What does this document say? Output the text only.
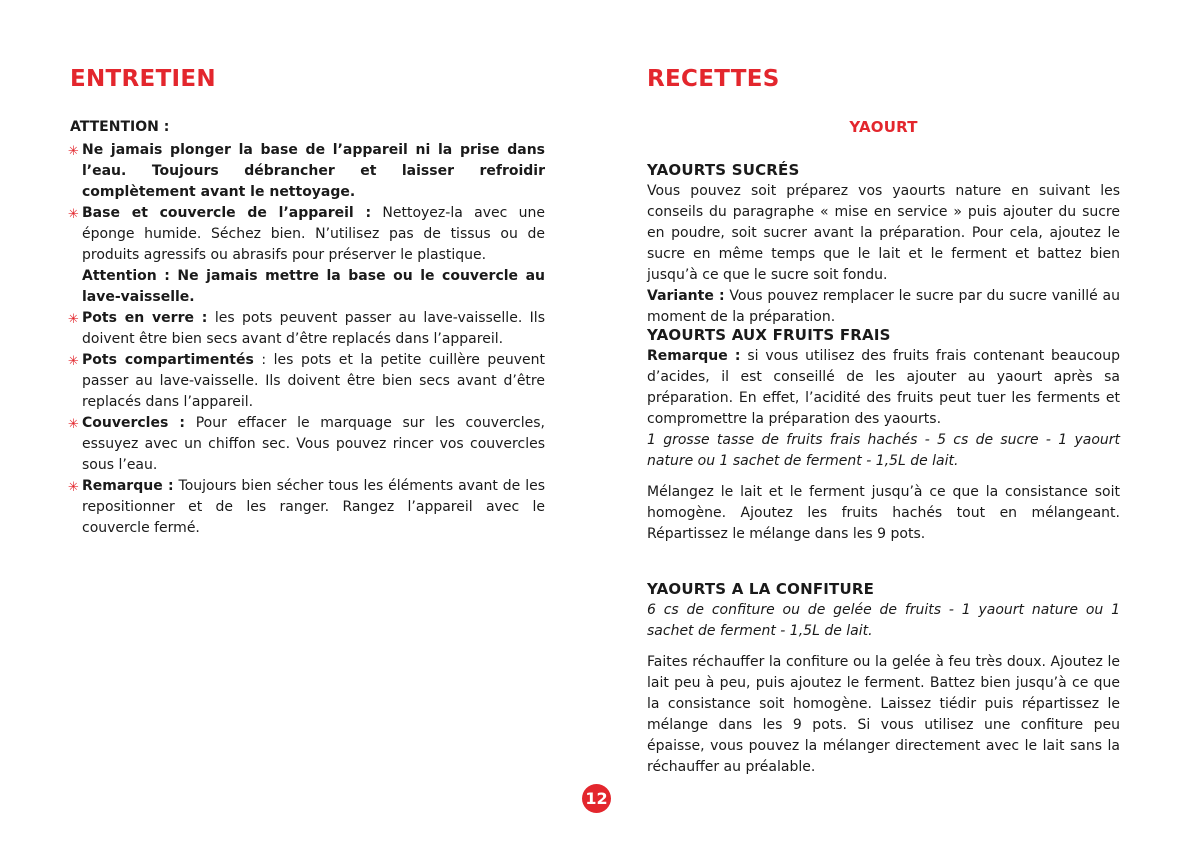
ENTRETIEN
ATTENTION :
✳ Ne jamais plonger la base de l’appareil ni la prise dans l’eau. Toujours débrancher et laisser refroidir complètement avant le nettoyage.
✳ Base et couvercle de l’appareil : Nettoyez-la avec une éponge humide. Séchez bien. N’utilisez pas de tissus ou de produits agressifs ou abrasifs pour préserver le plastique.
Attention : Ne jamais mettre la base ou le couvercle au lave-vaisselle.
✳ Pots en verre : les pots peuvent passer au lave-vaisselle. Ils doivent être bien secs avant d’être replacés dans l’appareil.
✳ Pots compartimentés : les pots et la petite cuillère peuvent passer au lave-vaisselle. Ils doivent être bien secs avant d’être replacés dans l’appareil.
✳ Couvercles : Pour effacer le marquage sur les couvercles, essuyez avec un chiffon sec. Vous pouvez rincer vos couvercles sous l’eau.
✳ Remarque : Toujours bien sécher tous les éléments avant de les repositionner et de les ranger. Rangez l’appareil avec le couvercle fermé.
RECETTES
YAOURT
YAOURTS SUCRÉS
Vous pouvez soit préparez vos yaourts nature en suivant les conseils du paragraphe « mise en service » puis ajouter du sucre en poudre, soit sucrer avant la préparation. Pour cela, ajoutez le sucre en même temps que le lait et le ferment et battez bien jusqu’à ce que le sucre soit fondu.
Variante : Vous pouvez remplacer le sucre par du sucre vanillé au moment de la préparation.
YAOURTS AUX FRUITS FRAIS
Remarque : si vous utilisez des fruits frais contenant beaucoup d’acides, il est conseillé de les ajouter au yaourt après sa préparation. En effet, l’acidité des fruits peut tuer les ferments et compromettre la préparation des yaourts.
1 grosse tasse de fruits frais hachés - 5 cs de sucre - 1 yaourt nature ou 1 sachet de ferment - 1,5L de lait.
Mélangez le lait et le ferment jusqu’à ce que la consistance soit homogène. Ajoutez les fruits hachés tout en mélangeant. Répartissez le mélange dans les 9 pots.
YAOURTS A LA CONFITURE
6 cs de confiture ou de gelée de fruits - 1 yaourt nature ou 1 sachet de ferment - 1,5L de lait.
Faites réchauffer la confiture ou la gelée à feu très doux. Ajoutez le lait peu à peu, puis ajoutez le ferment. Battez bien jusqu’à ce que la consistance soit homogène. Laissez tiédir puis répartissez le mélange dans les 9 pots. Si vous utilisez une confiture peu épaisse, vous pouvez la mélanger directement avec le lait sans la réchauffer au préalable.
12
